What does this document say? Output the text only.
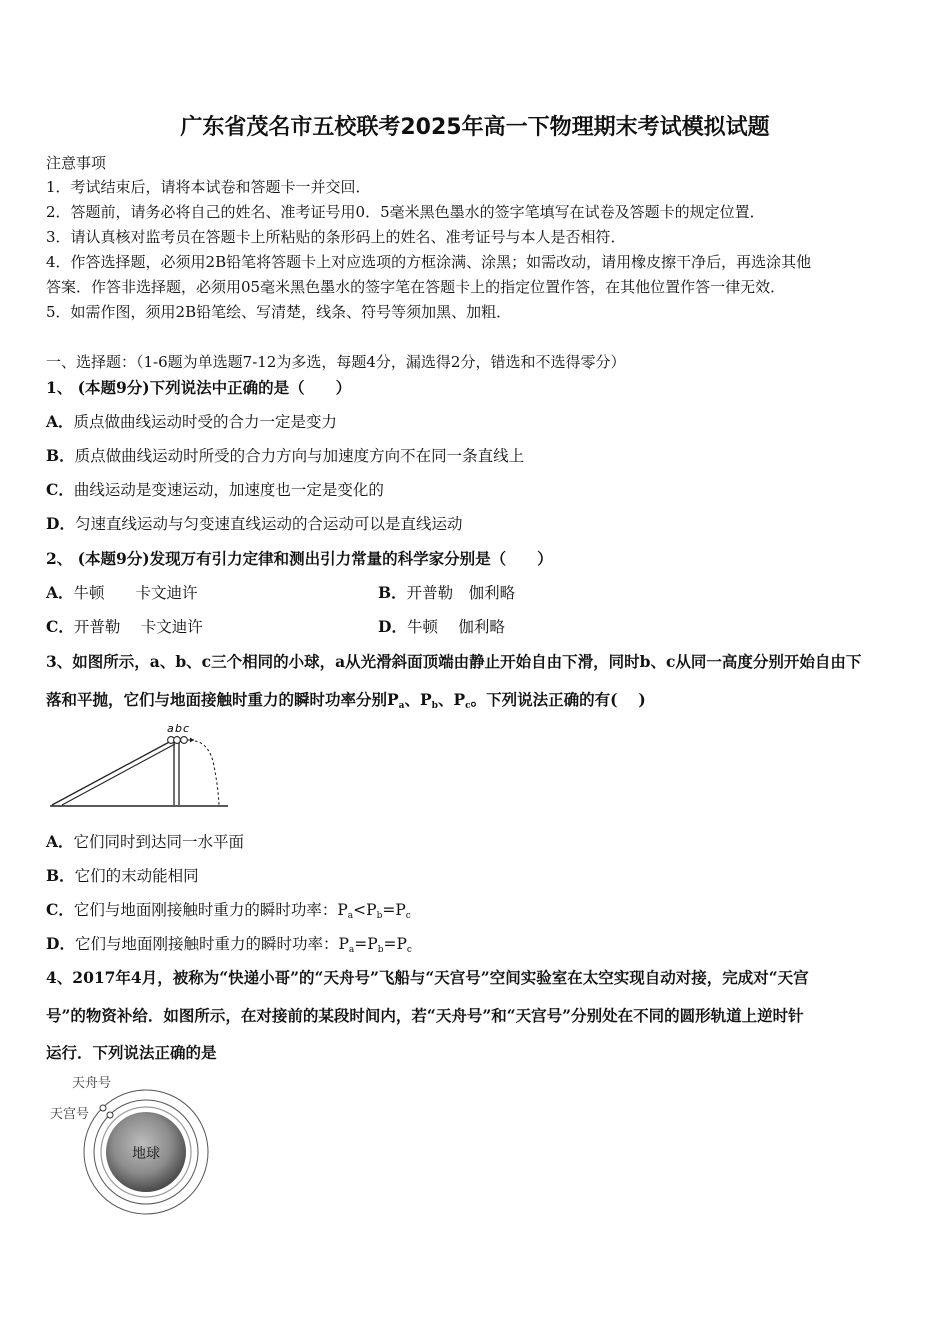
广东省茂名市五校联考2025年高一下物理期末考试模拟试题
注意事项
1．考试结束后，请将本试卷和答题卡一并交回．
2．答题前，请务必将自己的姓名、准考证号用0．5毫米黑色墨水的签字笔填写在试卷及答题卡的规定位置．
3．请认真核对监考员在答题卡上所粘贴的条形码上的姓名、准考证号与本人是否相符．
4．作答选择题，必须用2B铅笔将答题卡上对应选项的方框涂满、涂黑；如需改动，请用橡皮擦干净后，再选涂其他
答案．作答非选择题，必须用05毫米黑色墨水的签字笔在答题卡上的指定位置作答，在其他位置作答一律无效．
5．如需作图，须用2B铅笔绘、写清楚，线条、符号等须加黑、加粗．
一、选择题：（1-6题为单选题7-12为多选，每题4分，漏选得2分，错选和不选得零分）
1、 (本题9分)下列说法中正确的是（　　）
A．质点做曲线运动时受的合力一定是变力
B．质点做曲线运动时所受的合力方向与加速度方向不在同一条直线上
C．曲线运动是变速运动，加速度也一定是变化的
D．匀速直线运动与匀变速直线运动的合运动可以是直线运动
2、 (本题9分)发现万有引力定律和测出引力常量的科学家分别是（　　）
A．牛顿　　卡文迪许	B．开普勒　伽利略
C．开普勒　 卡文迪许	D．牛顿　 伽利略
3、如图所示，a、b、c三个相同的小球，a从光滑斜面顶端由静止开始自由下滑，同时b、c从同一高度分别开始自由下
落和平抛，它们与地面接触时重力的瞬时功率分别$P_a$、$P_b$、$P_c$。下列说法正确的有(　 )
a b c
A．它们同时到达同一水平面
B．它们的末动能相同
C．它们与地面刚接触时重力的瞬时功率：$P_a<P_b=P_c$
D．它们与地面刚接触时重力的瞬时功率：$P_a=P_b=P_c$
4、2017年4月，被称为“快递小哥”的“天舟号”飞船与“天宫号”空间实验室在太空实现自动对接，完成对“天宫
号”的物资补给．如图所示，在对接前的某段时间内，若“天舟号”和“天宫号”分别处在不同的圆形轨道上逆时针
运行．下列说法正确的是
天舟号
天宫号
地球
